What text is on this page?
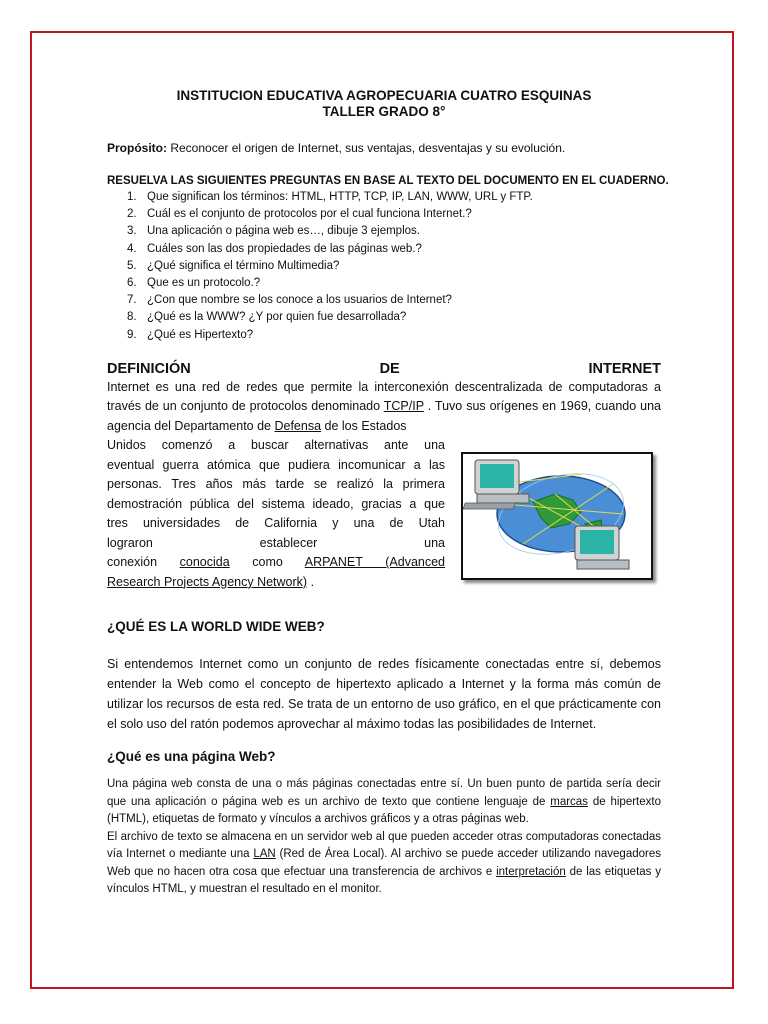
INSTITUCION EDUCATIVA AGROPECUARIA CUATRO ESQUINAS

TALLER GRADO 8°

Propósito: Reconocer el origen de Internet, sus ventajas, desventajas y su evolución.
RESUELVA LAS SIGUIENTES PREGUNTAS EN BASE AL TEXTO DEL DOCUMENTO EN EL CUADERNO.
1. Que significan los términos: HTML, HTTP, TCP, IP, LAN, WWW, URL y FTP.
2. Cuál es el conjunto de protocolos por el cual funciona Internet.?
3. Una aplicación o página web es…, dibuje 3 ejemplos.
4. Cuáles son las dos propiedades de las páginas web.?
5. ¿Qué significa el término Multimedia?
6. Que es un protocolo.?
7. ¿Con que nombre se los conoce a los usuarios de Internet?
8. ¿Qué es la WWW? ¿Y por quien fue desarrollada?
9. ¿Qué es Hipertexto?
DEFINICIÓN	DE	INTERNET
Internet es una red de redes que permite la interconexión descentralizada de computadoras a través de un conjunto de protocolos denominado TCP/IP . Tuvo sus orígenes en 1969, cuando una agencia del Departamento de Defensa de los Estados
Unidos comenzó a buscar alternativas ante una
eventual guerra atómica que pudiera incomunicar a las
personas. Tres años más tarde se realizó la primera
demostración pública del sistema ideado, gracias a que
tres universidades de California y una de Utah
lograron	establecer	una
conexión conocida como ARPANET (Advanced
Research Projects Agency Network) .
¿QUÉ ES LA WORLD WIDE WEB?
Si entendemos Internet como un conjunto de redes físicamente conectadas entre sí, debemos entender la Web como el concepto de hipertexto aplicado a Internet y la forma más común de utilizar los recursos de esta red. Se trata de un entorno de uso gráfico, en el que prácticamente con el solo uso del ratón podemos aprovechar al máximo todas las posibilidades de Internet.
¿Qué es una página Web?
Una página web consta de una o más páginas conectadas entre sí. Un buen punto de partida sería decir que una aplicación o página web es un archivo de texto que contiene lenguaje de marcas de hipertexto (HTML), etiquetas de formato y vínculos a archivos gráficos y a otras páginas web.
El archivo de texto se almacena en un servidor web al que pueden acceder otras computadoras conectadas vía Internet o mediante una LAN (Red de Área Local). Al archivo se puede acceder utilizando navegadores Web que no hacen otra cosa que efectuar una transferencia de archivos e interpretación de las etiquetas y vínculos HTML, y muestran el resultado en el monitor.
